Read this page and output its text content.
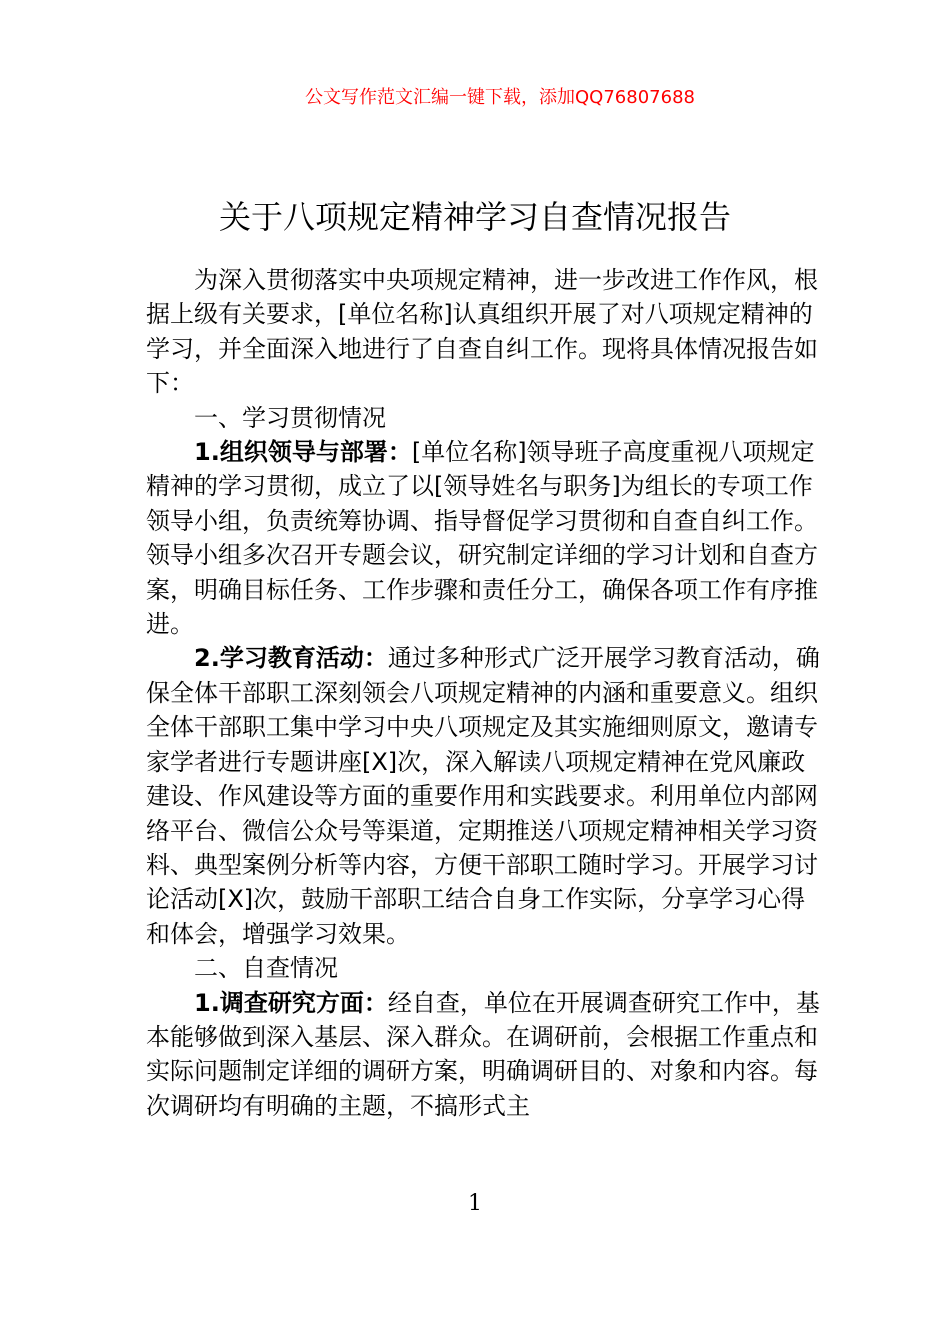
公文写作范文汇编一键下载，添加QQ76807688
关于八项规定精神学习自查情况报告

为深入贯彻落实中央项规定精神，进一步改进工作作风，根据上级有关要求，[单位名称]认真组织开展了对八项规定精神的学习，并全面深入地进行了自查自纠工作。现将具体情况报告如下：

一、学习贯彻情况

1.组织领导与部署：[单位名称]领导班子高度重视八项规定精神的学习贯彻，成立了以[领导姓名与职务]为组长的专项工作领导小组，负责统筹协调、指导督促学习贯彻和自查自纠工作。领导小组多次召开专题会议，研究制定详细的学习计划和自查方案，明确目标任务、工作步骤和责任分工，确保各项工作有序推进。

2.学习教育活动：通过多种形式广泛开展学习教育活动，确保全体干部职工深刻领会八项规定精神的内涵和重要意义。组织全体干部职工集中学习中央八项规定及其实施细则原文，邀请专家学者进行专题讲座[X]次，深入解读八项规定精神在党风廉政建设、作风建设等方面的重要作用和实践要求。利用单位内部网络平台、微信公众号等渠道，定期推送八项规定精神相关学习资料、典型案例分析等内容，方便干部职工随时学习。开展学习讨论活动[X]次，鼓励干部职工结合自身工作实际，分享学习心得和体会，增强学习效果。

二、自查情况

1.调查研究方面：经自查，单位在开展调查研究工作中，基本能够做到深入基层、深入群众。在调研前，会根据工作重点和实际问题制定详细的调研方案，明确调研目的、对象和内容。每次调研均有明确的主题，不搞形式主

1
